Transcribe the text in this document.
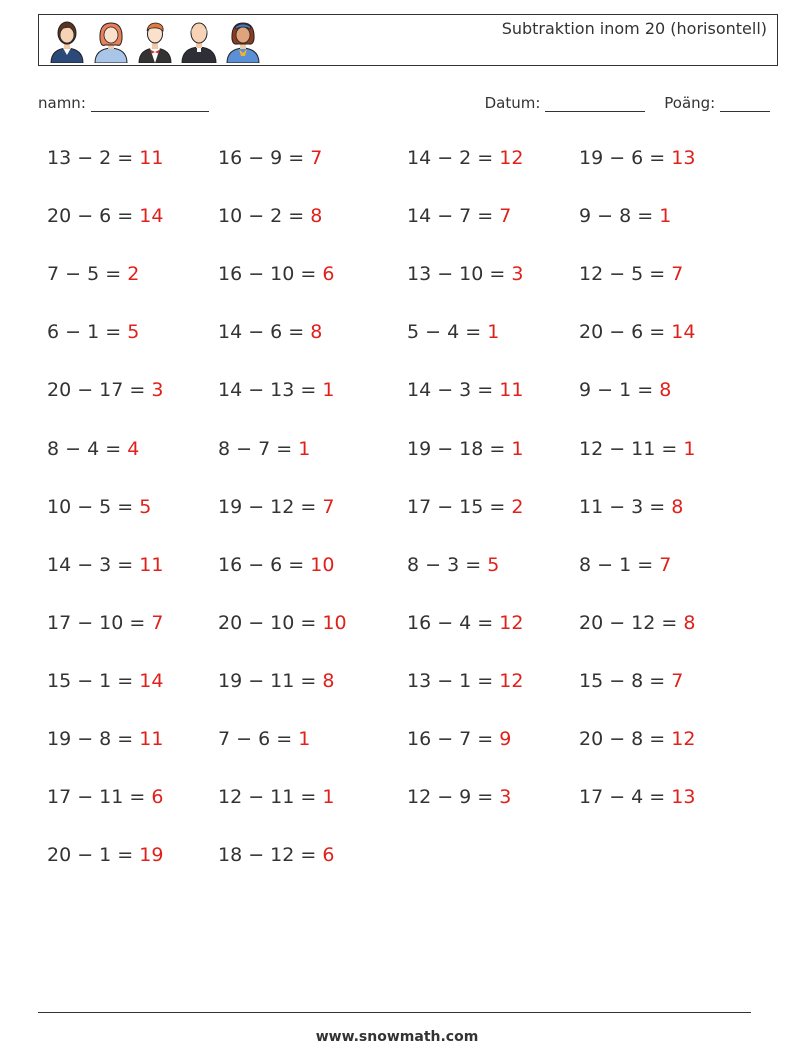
Subtraktion inom 20 (horisontell)
namn:	Datum:	Poäng:
13 − 2 = 11	16 − 9 = 7	14 − 2 = 12	19 − 6 = 13
20 − 6 = 14	10 − 2 = 8	14 − 7 = 7	9 − 8 = 1
7 − 5 = 2	16 − 10 = 6	13 − 10 = 3	12 − 5 = 7
6 − 1 = 5	14 − 6 = 8	5 − 4 = 1	20 − 6 = 14
20 − 17 = 3	14 − 13 = 1	14 − 3 = 11	9 − 1 = 8
8 − 4 = 4	8 − 7 = 1	19 − 18 = 1	12 − 11 = 1
10 − 5 = 5	19 − 12 = 7	17 − 15 = 2	11 − 3 = 8
14 − 3 = 11	16 − 6 = 10	8 − 3 = 5	8 − 1 = 7
17 − 10 = 7	20 − 10 = 10	16 − 4 = 12	20 − 12 = 8
15 − 1 = 14	19 − 11 = 8	13 − 1 = 12	15 − 8 = 7
19 − 8 = 11	7 − 6 = 1	16 − 7 = 9	20 − 8 = 12
17 − 11 = 6	12 − 11 = 1	12 − 9 = 3	17 − 4 = 13
20 − 1 = 19	18 − 12 = 6
www.snowmath.com
